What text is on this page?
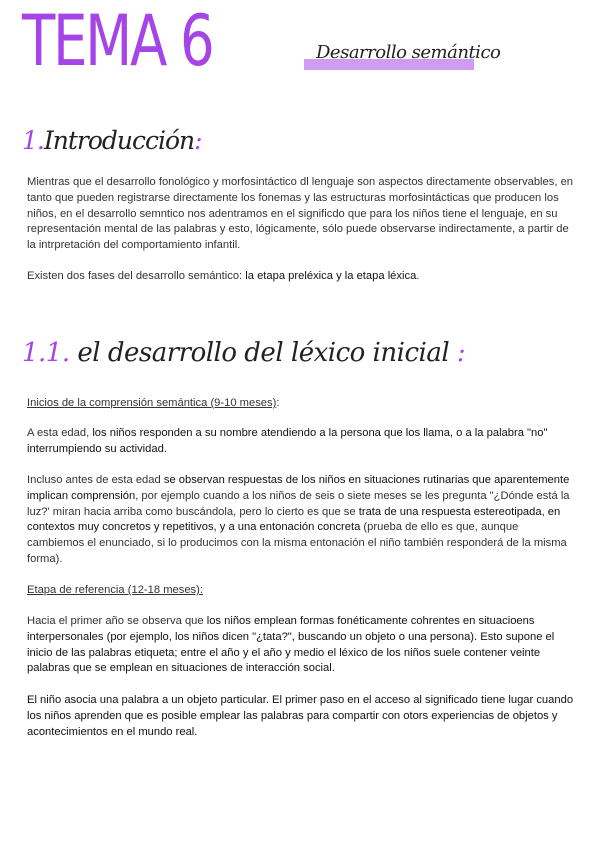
TEMA 6	Desarrollo semántico
1.Introducción:

Mientras que el desarrollo fonológico y morfosintáctico dl lenguaje son aspectos directamente observables, en tanto que pueden registrarse directamente los fonemas y las estructuras morfosintácticas que producen los niños, en el desarrollo semntico nos adentramos en el significdo que para los niños tiene el lenguaje, en su representación mental de las palabras y esto, lógicamente, sólo puede observarse indirectamente, a partir de la intrpretación del comportamiento infantil.

Existen dos fases del desarrollo semántico: la etapa preléxica y la etapa léxica.

1.1. el desarrollo del léxico inicial :

Inicios de la comprensión semántica (9-10 meses):

A esta edad, los niños responden a su nombre atendiendo a la persona que los llama, o a la palabra "no" interrumpiendo su actividad.

Incluso antes de esta edad se observan respuestas de los niños en situaciones rutinarias que aparentemente implican comprensión, por ejemplo cuando a los niños de seis o siete meses se les pregunta "¿Dónde está la luz?' miran hacia arriba como buscándola, pero lo cierto es que se trata de una respuesta estereotipada, en contextos muy concretos y repetitivos, y a una entonación concreta (prueba de ello es que, aunque cambiemos el enunciado, si lo producimos con la misma entonación el niño también responderá de la misma forma).

Etapa de referencia (12-18 meses):

Hacia el primer año se observa que los niños emplean formas fonéticamente cohrentes en situacioens interpersonales (por ejemplo, los niños dicen "¿tata?", buscando un objeto o una persona). Esto supone el inicio de las palabras etiqueta; entre el año y el año y medio el léxico de los niños suele contener veinte palabras que se emplean en situaciones de interacción social.

El niño asocia una palabra a un objeto particular. El primer paso en el acceso al significado tiene lugar cuando los niños aprenden que es posible emplear las palabras para compartir con otors experiencias de objetos y acontecimientos en el mundo real.
